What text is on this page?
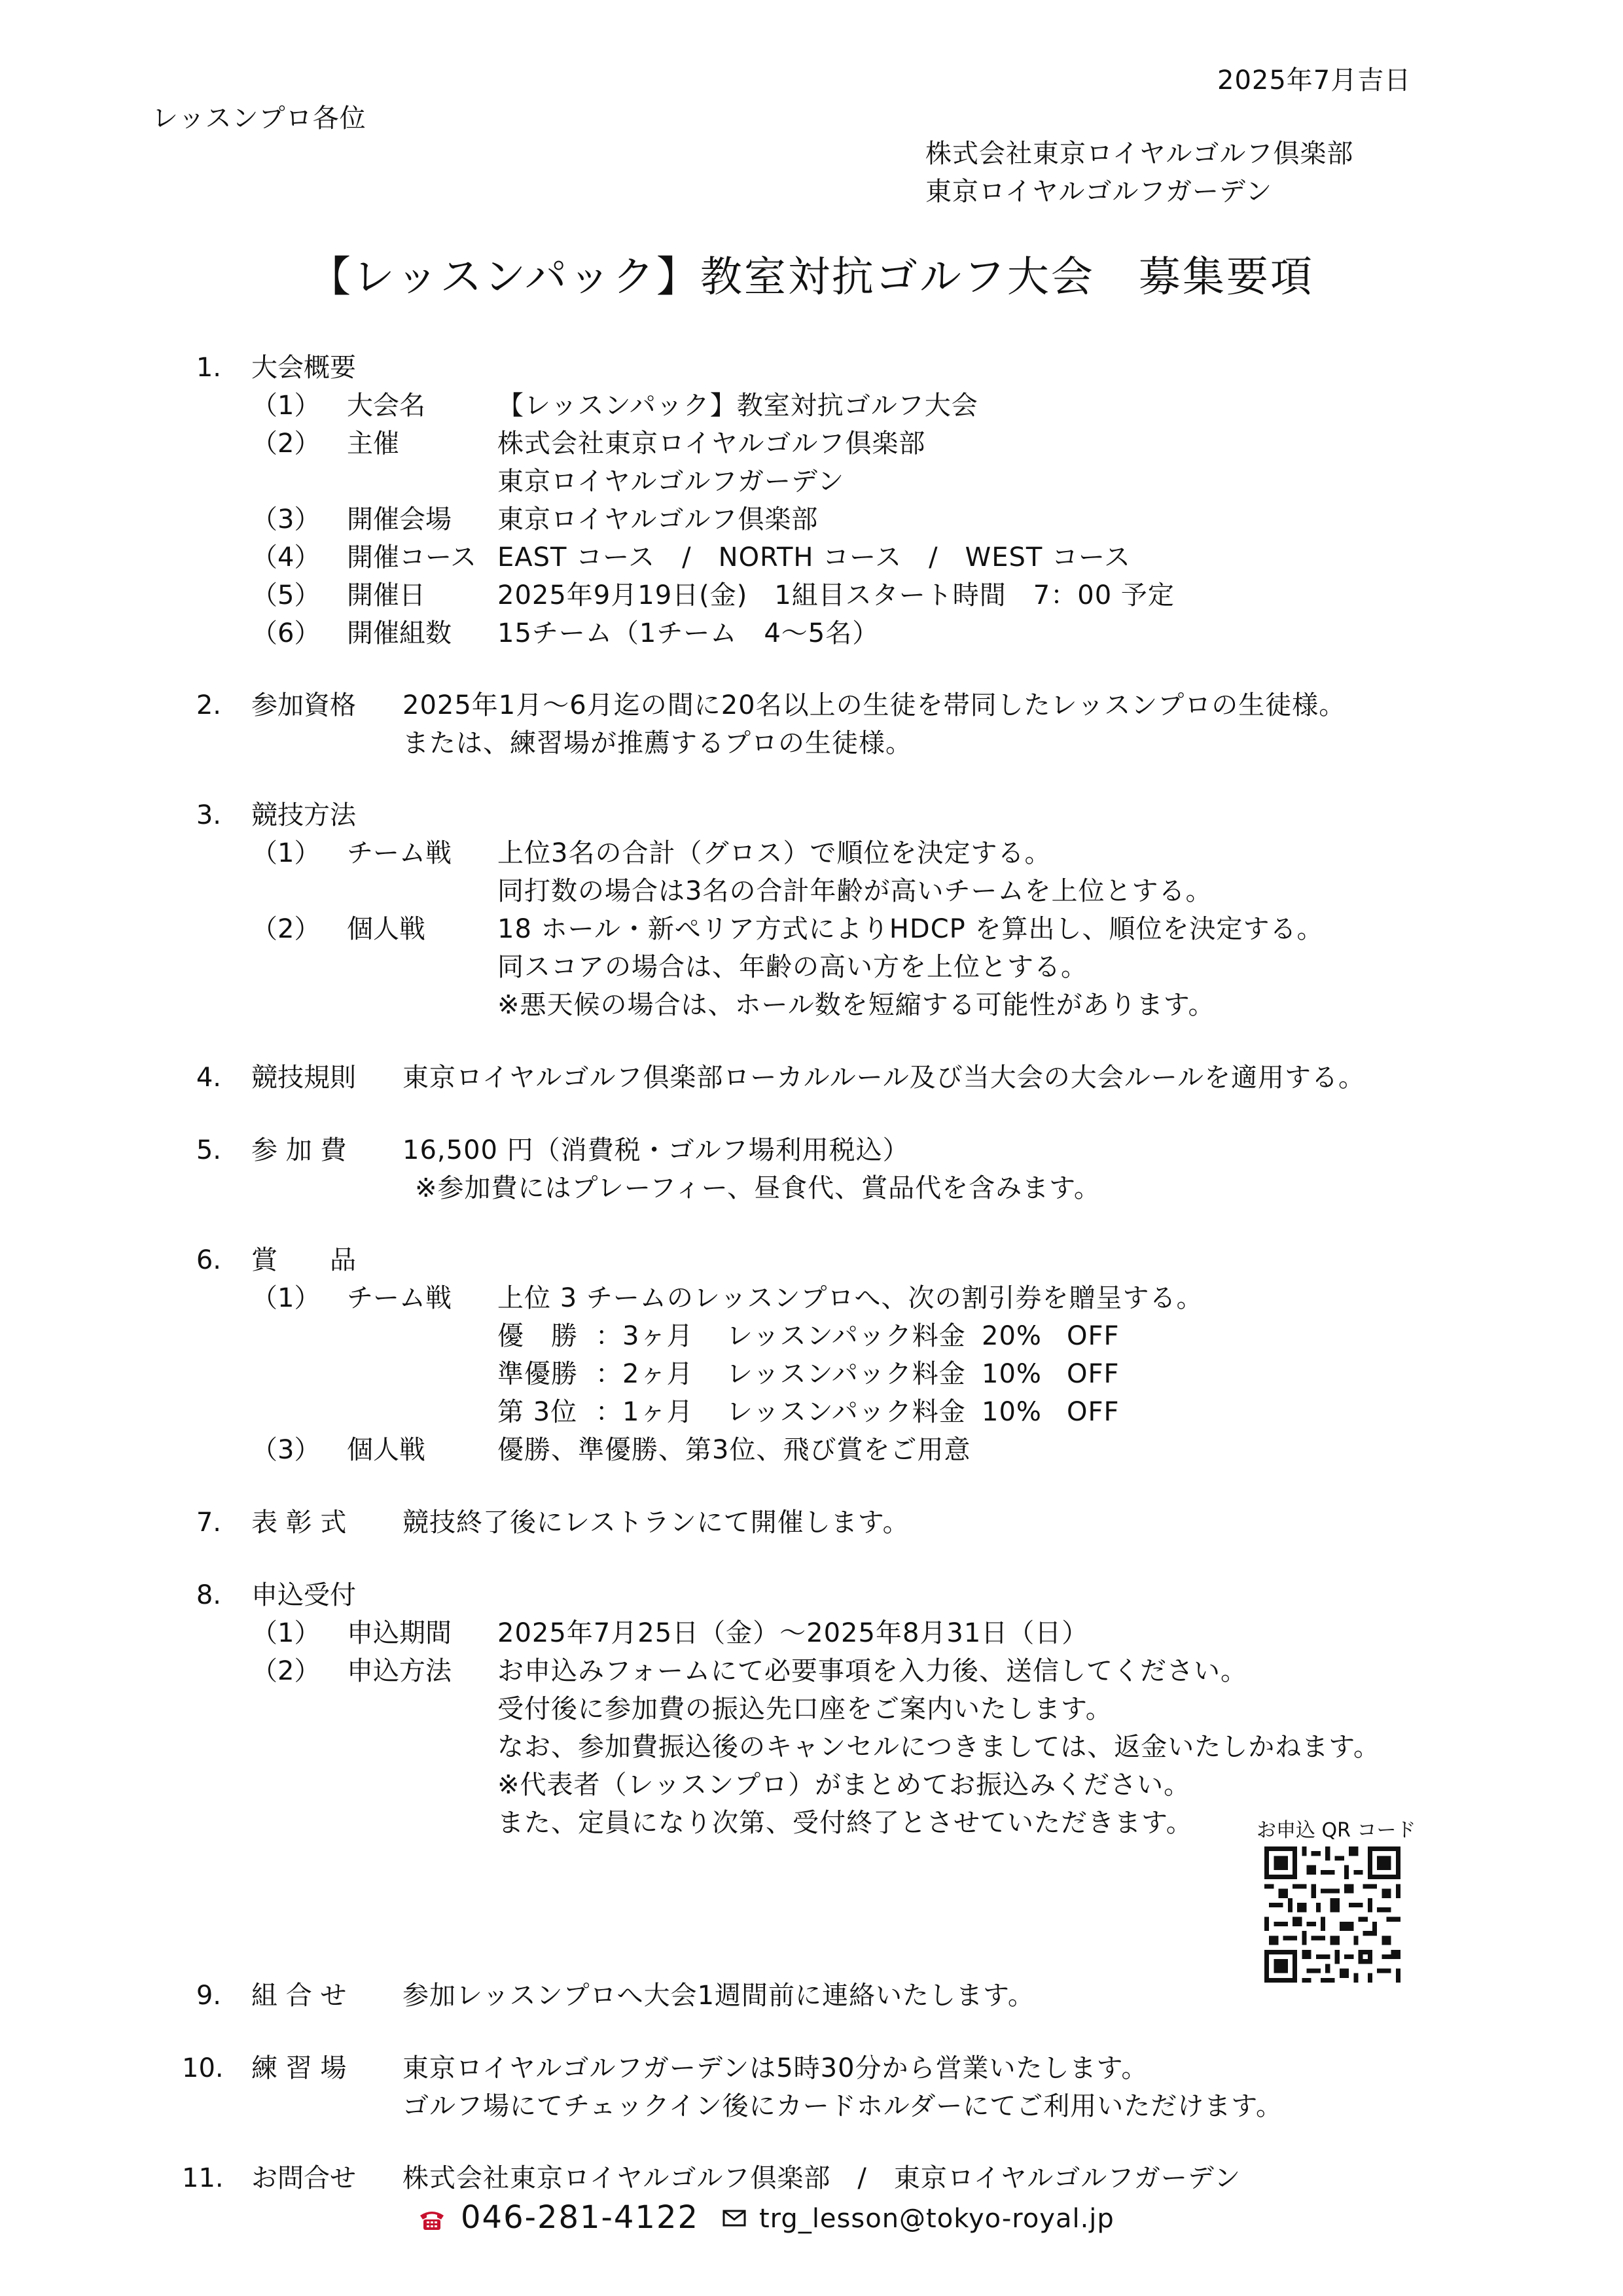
2025年7月吉日
レッスンプロ各位
株式会社東京ロイヤルゴルフ倶楽部
東京ロイヤルゴルフガーデン
【レッスンパック】教室対抗ゴルフ大会　募集要項
1. 大会概要
（1） 大会名	【レッスンパック】教室対抗ゴルフ大会
（2） 主催	株式会社東京ロイヤルゴルフ倶楽部
東京ロイヤルゴルフガーデン
（3） 開催会場 東京ロイヤルゴルフ倶楽部
（4） 開催コース EAST コース　/　NORTH コース　/　WEST コース
（5） 開催日	2025年9月19日(金)　1組目スタート時間　7：00 予定
（6） 開催組数 15チーム（1チーム　4～5名）
2. 参加資格 2025年1月～6月迄の間に20名以上の生徒を帯同したレッスンプロの生徒様。
または、練習場が推薦するプロの生徒様。
3. 競技方法
（1） チーム戦 上位3名の合計（グロス）で順位を決定する。
同打数の場合は3名の合計年齢が高いチームを上位とする。
（2） 個人戦	18 ホール・新ぺリア方式によりHDCP を算出し、順位を決定する。
同スコアの場合は、年齢の高い方を上位とする。
※悪天候の場合は、ホール数を短縮する可能性があります。
4. 競技規則 東京ロイヤルゴルフ倶楽部ローカルルール及び当大会の大会ルールを適用する。
5. 参 加 費 16,500 円（消費税・ゴルフ場利用税込）
※参加費にはプレーフィー、昼食代、賞品代を含みます。
6. 賞　　品
（1） チーム戦 上位 3 チームのレッスンプロへ、次の割引券を贈呈する。
優　勝 ：3ヶ月 レッスンパック料金 20% OFF
準優勝 ：2ヶ月 レッスンパック料金 10% OFF
第 3位 ：1ヶ月 レッスンパック料金 10% OFF
（3） 個人戦	優勝、準優勝、第3位、飛び賞をご用意
7. 表 彰 式 競技終了後にレストランにて開催します。
8. 申込受付
（1） 申込期間 2025年7月25日（金）～2025年8月31日（日）
（2） 申込方法 お申込みフォームにて必要事項を入力後、送信してください。
受付後に参加費の振込先口座をご案内いたします。
なお、参加費振込後のキャンセルにつきましては、返金いたしかねます。
※代表者（レッスンプロ）がまとめてお振込みください。
また、定員になり次第、受付終了とさせていただきます。	お申込 QR コード
9. 組 合 せ 参加レッスンプロへ大会1週間前に連絡いたします。
10. 練 習 場 東京ロイヤルゴルフガーデンは5時30分から営業いたします。
ゴルフ場にてチェックイン後にカードホルダーにてご利用いただけます。
11. お問合せ 株式会社東京ロイヤルゴルフ倶楽部　/　東京ロイヤルゴルフガーデン
046-281-4122 trg_lesson@tokyo-royal.jp
